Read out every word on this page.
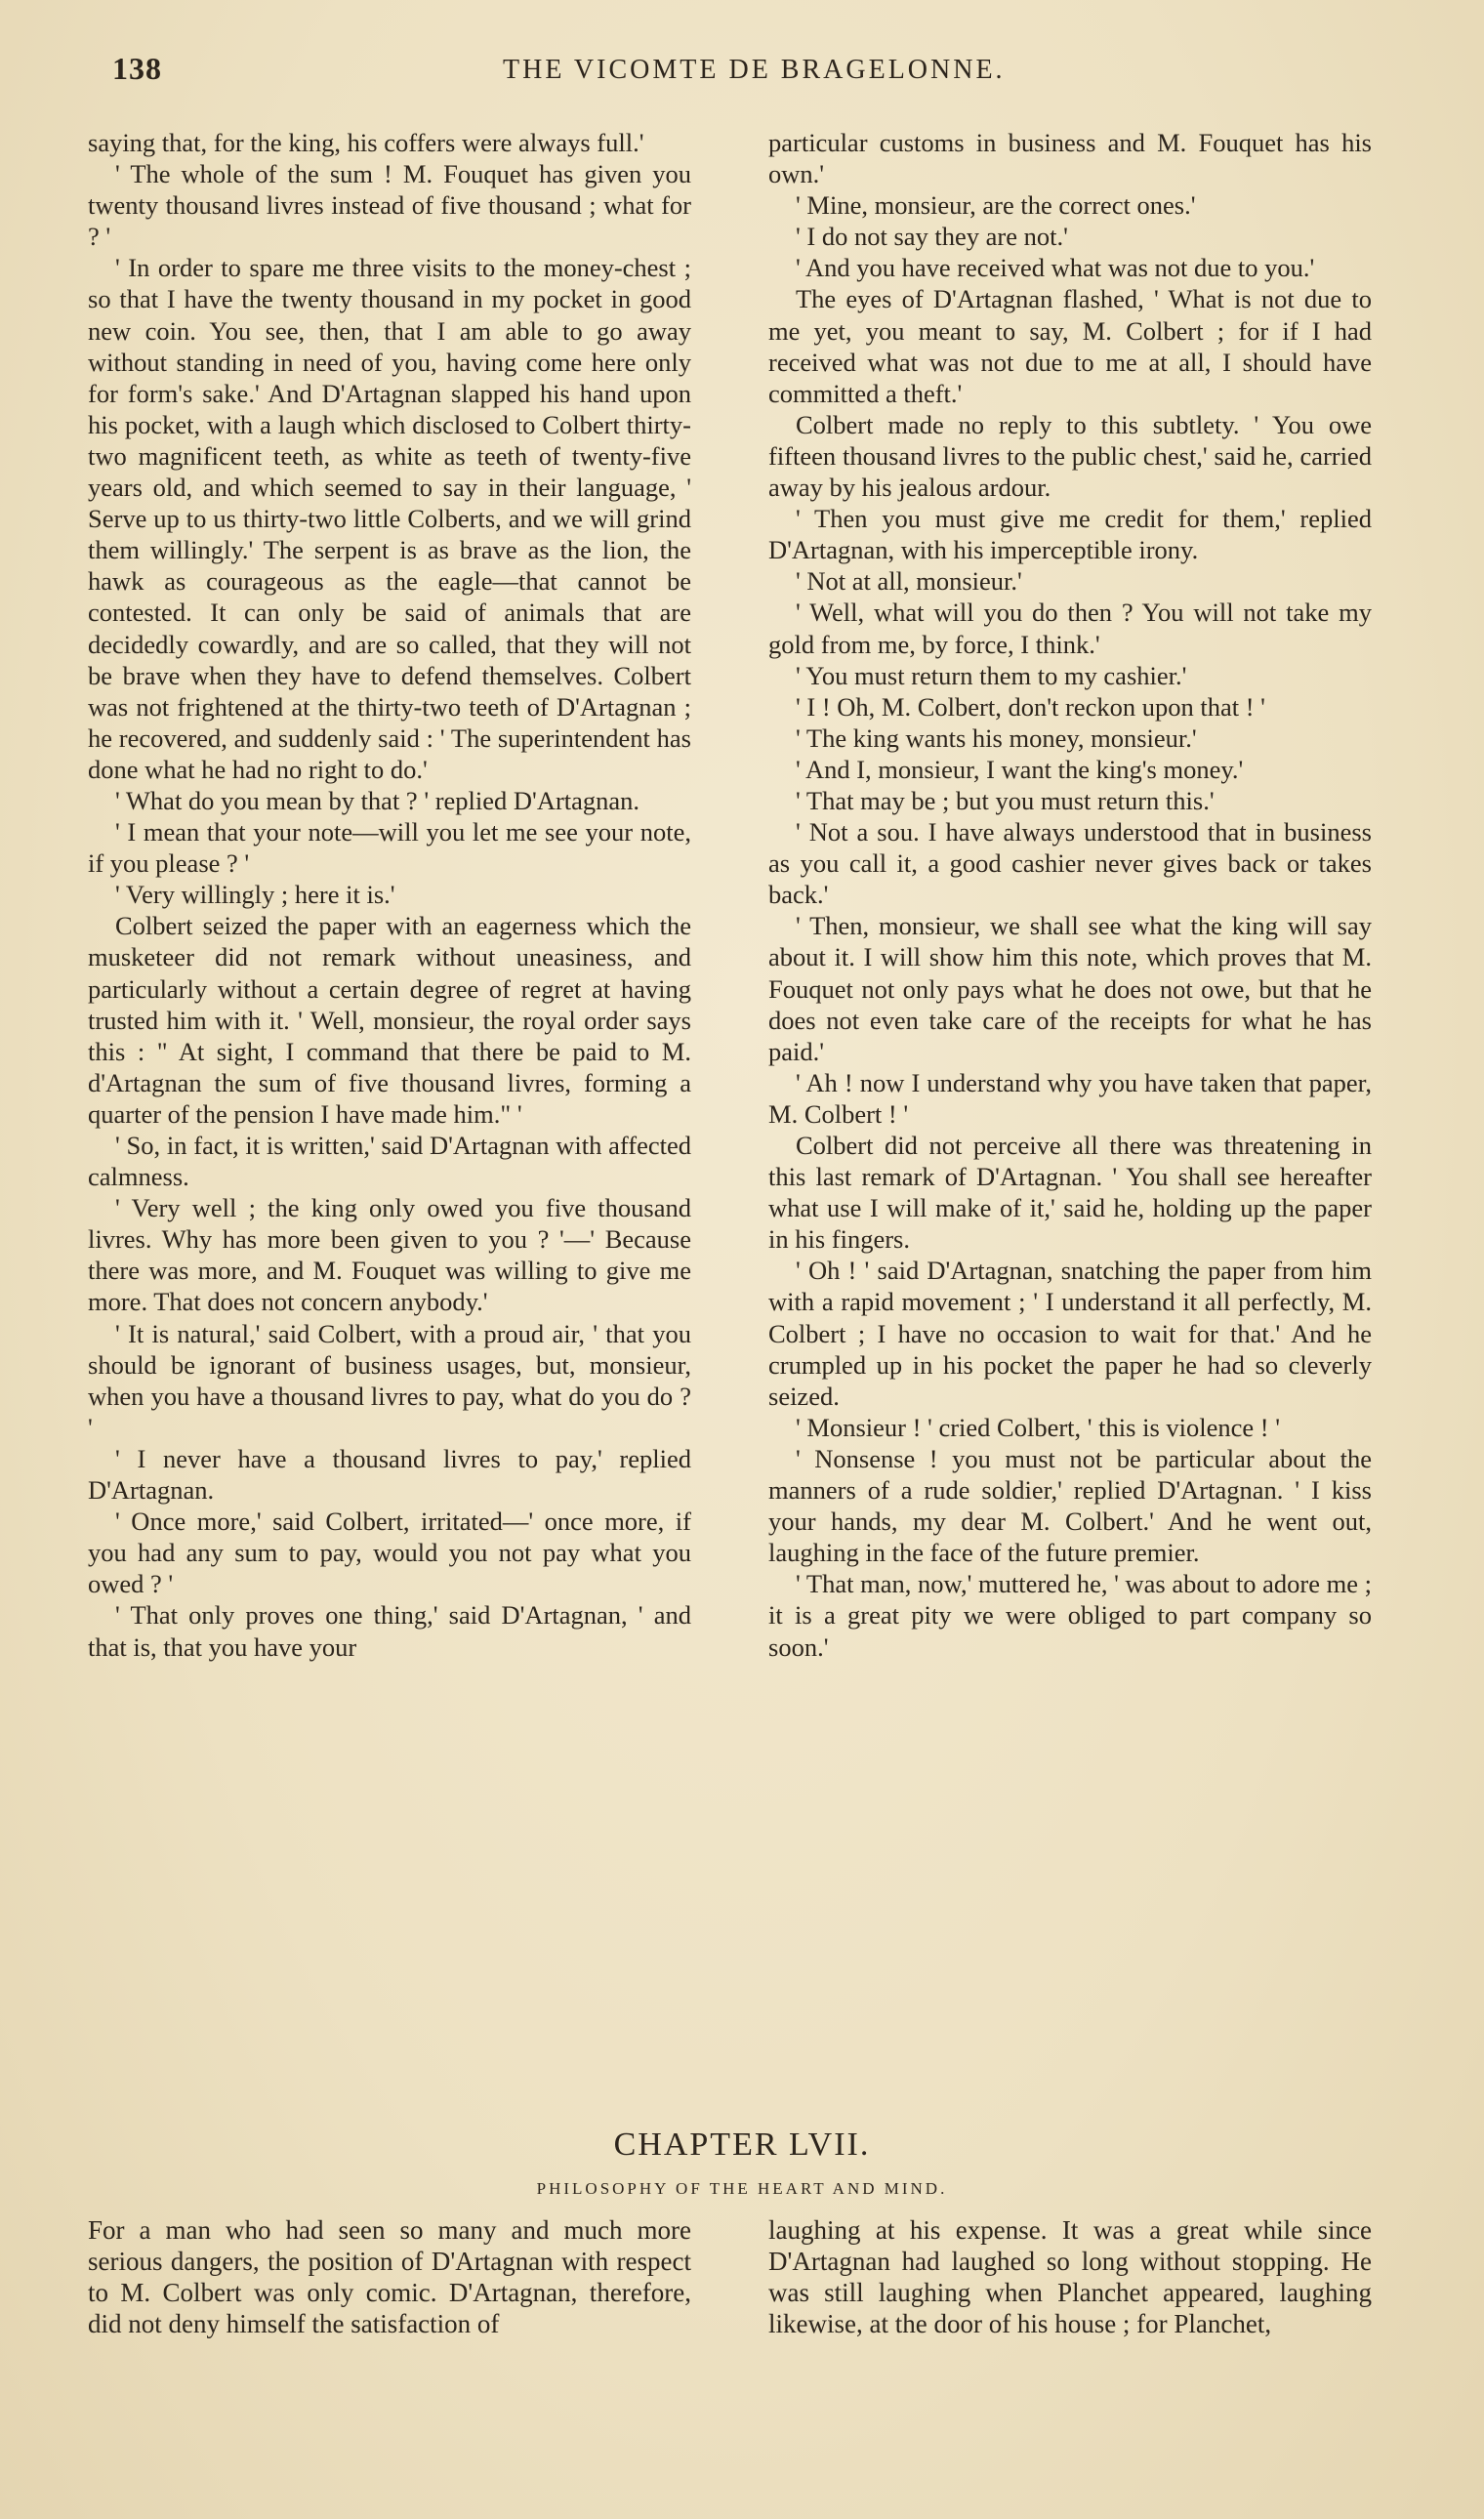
138	THE VICOMTE DE BRAGELONNE.

saying that, for the king, his coffers were always full.'

' The whole of the sum ! M. Fouquet has given you twenty thousand livres instead of five thousand ; what for ? '

' In order to spare me three visits to the money-chest ; so that I have the twenty thousand in my pocket in good new coin. You see, then, that I am able to go away without standing in need of you, having come here only for form's sake.' And D'Artagnan slapped his hand upon his pocket, with a laugh which disclosed to Colbert thirty-two magnificent teeth, as white as teeth of twenty-five years old, and which seemed to say in their language, ' Serve up to us thirty-two little Colberts, and we will grind them willingly.' The serpent is as brave as the lion, the hawk as courageous as the eagle—that cannot be contested. It can only be said of animals that are decidedly cowardly, and are so called, that they will not be brave when they have to defend themselves. Colbert was not frightened at the thirty-two teeth of D'Artagnan ; he recovered, and suddenly said : ' The superintendent has done what he had no right to do.'

' What do you mean by that ? ' replied D'Artagnan.

' I mean that your note—will you let me see your note, if you please ? '

' Very willingly ; here it is.'

Colbert seized the paper with an eagerness which the musketeer did not remark without uneasiness, and particularly without a certain degree of regret at having trusted him with it. ' Well, monsieur, the royal order says this : " At sight, I command that there be paid to M. d'Artagnan the sum of five thousand livres, forming a quarter of the pension I have made him." '

' So, in fact, it is written,' said D'Artagnan with affected calmness.

' Very well ; the king only owed you five thousand livres. Why has more been given to you ? '—' Because there was more, and M. Fouquet was willing to give me more. That does not concern anybody.'

' It is natural,' said Colbert, with a proud air, ' that you should be ignorant of business usages, but, monsieur, when you have a thousand livres to pay, what do you do ? '

' I never have a thousand livres to pay,' replied D'Artagnan.

' Once more,' said Colbert, irritated—' once more, if you had any sum to pay, would you not pay what you owed ? '

' That only proves one thing,' said D'Artagnan, ' and that is, that you have your

particular customs in business and M. Fouquet has his own.'

' Mine, monsieur, are the correct ones.'

' I do not say they are not.'

' And you have received what was not due to you.'

The eyes of D'Artagnan flashed, ' What is not due to me yet, you meant to say, M. Colbert ; for if I had received what was not due to me at all, I should have committed a theft.'

Colbert made no reply to this subtlety. ' You owe fifteen thousand livres to the public chest,' said he, carried away by his jealous ardour.

' Then you must give me credit for them,' replied D'Artagnan, with his imperceptible irony.

' Not at all, monsieur.'

' Well, what will you do then ? You will not take my gold from me, by force, I think.'

' You must return them to my cashier.'

' I ! Oh, M. Colbert, don't reckon upon that ! '

' The king wants his money, monsieur.'

' And I, monsieur, I want the king's money.'

' That may be ; but you must return this.'

' Not a sou. I have always understood that in business as you call it, a good cashier never gives back or takes back.'

' Then, monsieur, we shall see what the king will say about it. I will show him this note, which proves that M. Fouquet not only pays what he does not owe, but that he does not even take care of the receipts for what he has paid.'

' Ah ! now I understand why you have taken that paper, M. Colbert ! '

Colbert did not perceive all there was threatening in this last remark of D'Artagnan. ' You shall see hereafter what use I will make of it,' said he, holding up the paper in his fingers.

' Oh ! ' said D'Artagnan, snatching the paper from him with a rapid movement ; ' I understand it all perfectly, M. Colbert ; I have no occasion to wait for that.' And he crumpled up in his pocket the paper he had so cleverly seized.

' Monsieur ! ' cried Colbert, ' this is violence ! '

' Nonsense ! you must not be particular about the manners of a rude soldier,' replied D'Artagnan. ' I kiss your hands, my dear M. Colbert.' And he went out, laughing in the face of the future premier.

' That man, now,' muttered he, ' was about to adore me ; it is a great pity we were obliged to part company so soon.'

CHAPTER LVII.
PHILOSOPHY OF THE HEART AND MIND.

For a man who had seen so many and much more serious dangers, the position of D'Artagnan with respect to M. Colbert was only comic. D'Artagnan, therefore, did not deny himself the satisfaction of

laughing at his expense. It was a great while since D'Artagnan had laughed so long without stopping. He was still laughing when Planchet appeared, laughing likewise, at the door of his house ; for Planchet,
